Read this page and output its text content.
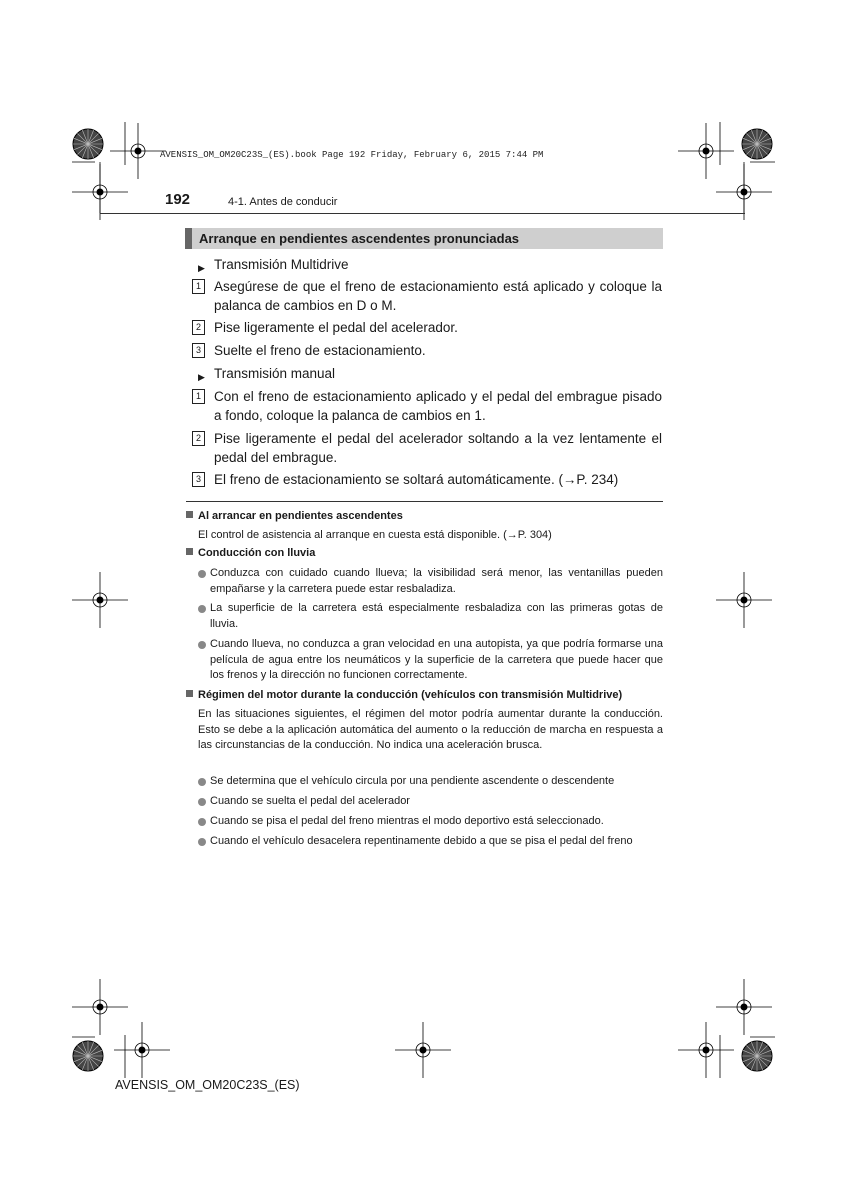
AVENSIS_OM_OM20C23S_(ES).book Page 192 Friday, February 6, 2015 7:44 PM
192	4-1. Antes de conducir
Arranque en pendientes ascendentes pronunciadas
▶ Transmisión Multidrive
1 Asegúrese de que el freno de estacionamiento está aplicado y coloque la palanca de cambios en D o M.
2 Pise ligeramente el pedal del acelerador.
3 Suelte el freno de estacionamiento.
▶ Transmisión manual
1 Con el freno de estacionamiento aplicado y el pedal del embrague pisado a fondo, coloque la palanca de cambios en 1.
2 Pise ligeramente el pedal del acelerador soltando a la vez lentamente el pedal del embrague.
3 El freno de estacionamiento se soltará automáticamente. (→P. 234)
Al arrancar en pendientes ascendentes
El control de asistencia al arranque en cuesta está disponible. (→P. 304)
Conducción con lluvia
Conduzca con cuidado cuando llueva; la visibilidad será menor, las ventanillas pueden empañarse y la carretera puede estar resbaladiza.
La superficie de la carretera está especialmente resbaladiza con las primeras gotas de lluvia.
Cuando llueva, no conduzca a gran velocidad en una autopista, ya que podría formarse una película de agua entre los neumáticos y la superficie de la carretera que puede hacer que los frenos y la dirección no funcionen correctamente.
Régimen del motor durante la conducción (vehículos con transmisión Multidrive)
En las situaciones siguientes, el régimen del motor podría aumentar durante la conducción. Esto se debe a la aplicación automática del aumento o la reducción de marcha en respuesta a las circunstancias de la conducción. No indica una aceleración brusca.
Se determina que el vehículo circula por una pendiente ascendente o descendente
Cuando se suelta el pedal del acelerador
Cuando se pisa el pedal del freno mientras el modo deportivo está seleccionado.
Cuando el vehículo desacelera repentinamente debido a que se pisa el pedal del freno
AVENSIS_OM_OM20C23S_(ES)
